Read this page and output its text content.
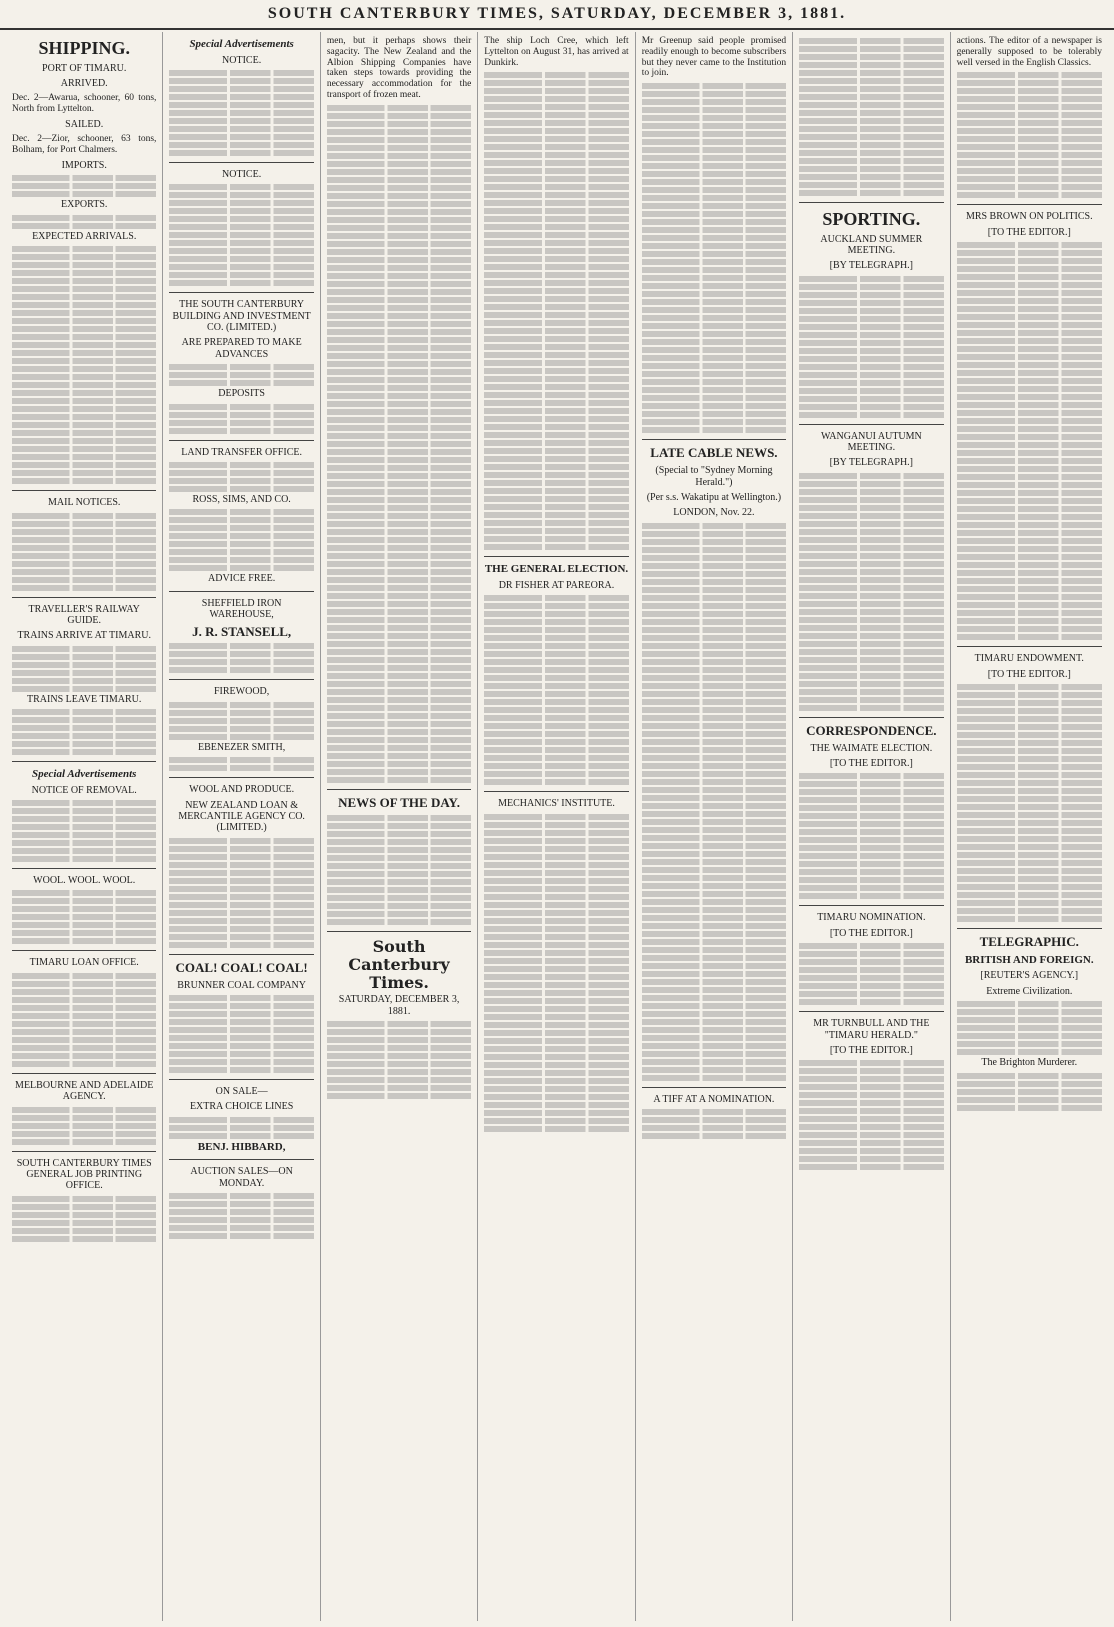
SOUTH CANTERBURY TIMES, SATURDAY, DECEMBER 3, 1881.
SHIPPING.
PORT OF TIMARU.
ARRIVED.

Dec. 2—Awarua, schooner, 60 tons, North from Lyttelton.

SAILED.

Dec. 2—Zior, schooner, 63 tons, Bolham, for Port Chalmers.

IMPORTS.
EXPORTS.
EXPECTED ARRIVALS.
MAIL NOTICES.
TRAVELLER'S RAILWAY GUIDE.
TRAINS ARRIVE AT TIMARU.
TRAINS LEAVE TIMARU.
Special Advertisements
NOTICE OF REMOVAL.
WOOL. WOOL. WOOL.
TIMARU LOAN OFFICE.
MELBOURNE AND ADELAIDE AGENCY.
SOUTH CANTERBURY TIMES GENERAL JOB PRINTING OFFICE.
Special Advertisements
NOTICE.
NOTICE.
THE SOUTH CANTERBURY BUILDING AND INVESTMENT CO. (LIMITED.)
ARE PREPARED TO MAKE ADVANCES
DEPOSITS
LAND TRANSFER OFFICE.
ROSS, SIMS, AND CO.
ADVICE FREE.
SHEFFIELD IRON WAREHOUSE,
J. R. STANSELL,
FIREWOOD,
EBENEZER SMITH,
WOOL AND PRODUCE.
NEW ZEALAND LOAN & MERCANTILE AGENCY CO. (LIMITED.)
COAL! COAL! COAL!
BRUNNER COAL COMPANY
ON SALE—
EXTRA CHOICE LINES
BENJ. HIBBARD,
AUCTION SALES—ON MONDAY.

men, but it perhaps shows their sagacity. The New Zealand and the Albion Shipping Companies have taken steps towards providing the necessary accommodation for the transport of frozen meat.

NEWS OF THE DAY.
South Canterbury Times.
SATURDAY, DECEMBER 3, 1881.

The ship Loch Cree, which left Lyttelton on August 31, has arrived at Dunkirk.

THE GENERAL ELECTION.
DR FISHER AT PAREORA.
MECHANICS' INSTITUTE.

Mr Greenup said people promised readily enough to become subscribers but they never came to the Institution to join.

LATE CABLE NEWS.
(Special to "Sydney Morning Herald.")
(Per s.s. Wakatipu at Wellington.)
LONDON, Nov. 22.
A TIFF AT A NOMINATION.
SPORTING.
AUCKLAND SUMMER MEETING.
[BY TELEGRAPH.]
WANGANUI AUTUMN MEETING.
[BY TELEGRAPH.]
CORRESPONDENCE.
THE WAIMATE ELECTION.
[TO THE EDITOR.]
TIMARU NOMINATION.
[TO THE EDITOR.]
MR TURNBULL AND THE "TIMARU HERALD."
[TO THE EDITOR.]

actions. The editor of a newspaper is generally supposed to be tolerably well versed in the English Classics.

MRS BROWN ON POLITICS.
[TO THE EDITOR.]
TIMARU ENDOWMENT.
[TO THE EDITOR.]
TELEGRAPHIC.
BRITISH AND FOREIGN.
[REUTER'S AGENCY.]
Extreme Civilization.
The Brighton Murderer.
